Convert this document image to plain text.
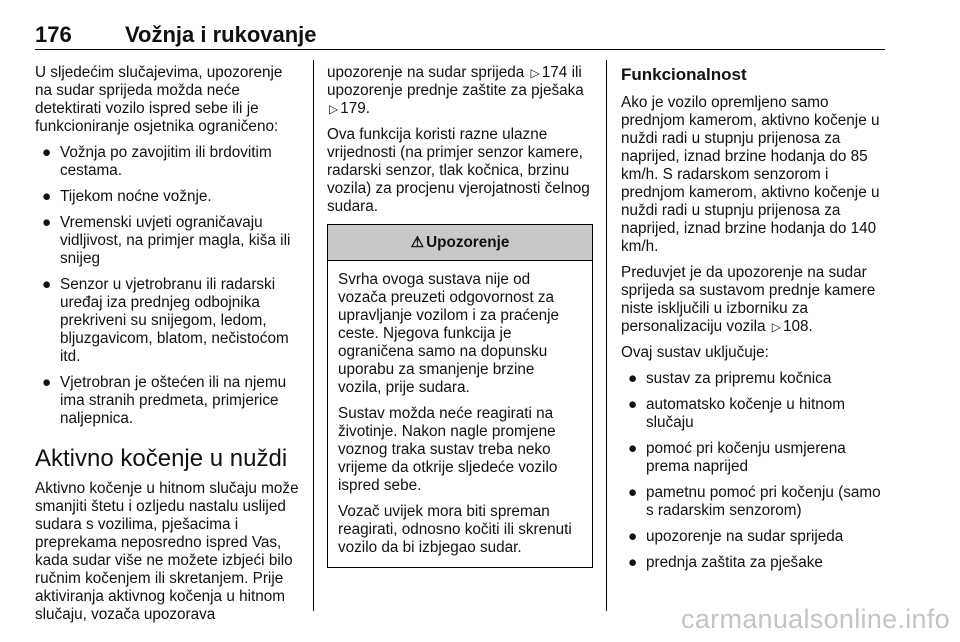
176 Vožnja i rukovanje

U sljedećim slučajevima, upozorenje na sudar sprijeda možda neće detektirati vozilo ispred sebe ili je funkcioniranje osjetnika ograničeno:

● Vožnja po zavojitim ili brdovitim cestama.
● Tijekom noćne vožnje.
● Vremenski uvjeti ograničavaju vidljivost, na primjer magla, kiša ili snijeg
● Senzor u vjetrobranu ili radarski uređaj iza prednjeg odbojnika prekriveni su snijegom, ledom, bljuzgavicom, blatom, nečistoćom itd.
● Vjetrobran je oštećen ili na njemu ima stranih predmeta, primjerice naljepnica.
Aktivno kočenje u nuždi

Aktivno kočenje u hitnom slučaju može smanjiti štetu i ozljedu nastalu uslijed sudara s vozilima, pješacima i preprekama neposredno ispred Vas, kada sudar više ne možete izbjeći bilo ručnim kočenjem ili skretanjem. Prije aktiviranja aktivnog kočenja u hitnom slučaju, vozača upozorava

upozorenje na sudar sprijeda ▷ 174 ili upozorenje prednje zaštite za pješaka ▷ 179.

Ova funkcija koristi razne ulazne vrijednosti (na primjer senzor kamere, radarski senzor, tlak kočnica, brzinu vozila) za procjenu vjerojatnosti čelnog sudara.

⚠ Upozorenje

Svrha ovoga sustava nije od vozača preuzeti odgovornost za upravljanje vozilom i za praćenje ceste. Njegova funkcija je ograničena samo na dopunsku uporabu za smanjenje brzine vozila, prije sudara.

Sustav možda neće reagirati na životinje. Nakon nagle promjene voznog traka sustav treba neko vrijeme da otkrije sljedeće vozilo ispred sebe.

Vozač uvijek mora biti spreman reagirati, odnosno kočiti ili skrenuti vozilo da bi izbjegao sudar.

Funkcionalnost

Ako je vozilo opremljeno samo prednjom kamerom, aktivno kočenje u nuždi radi u stupnju prijenosa za naprijed, iznad brzine hodanja do 85 km/h. S radarskom senzorom i prednjom kamerom, aktivno kočenje u nuždi radi u stupnju prijenosa za naprijed, iznad brzine hodanja do 140 km/h.

Preduvjet je da upozorenje na sudar sprijeda sa sustavom prednje kamere niste isključili u izborniku za personalizaciju vozila ▷ 108.

Ovaj sustav uključuje:

● sustav za pripremu kočnica
● automatsko kočenje u hitnom slučaju
● pomoć pri kočenju usmjerena prema naprijed
● pametnu pomoć pri kočenju (samo s radarskim senzorom)
● upozorenje na sudar sprijeda
● prednja zaštita za pješake
carmanualsonline.info
